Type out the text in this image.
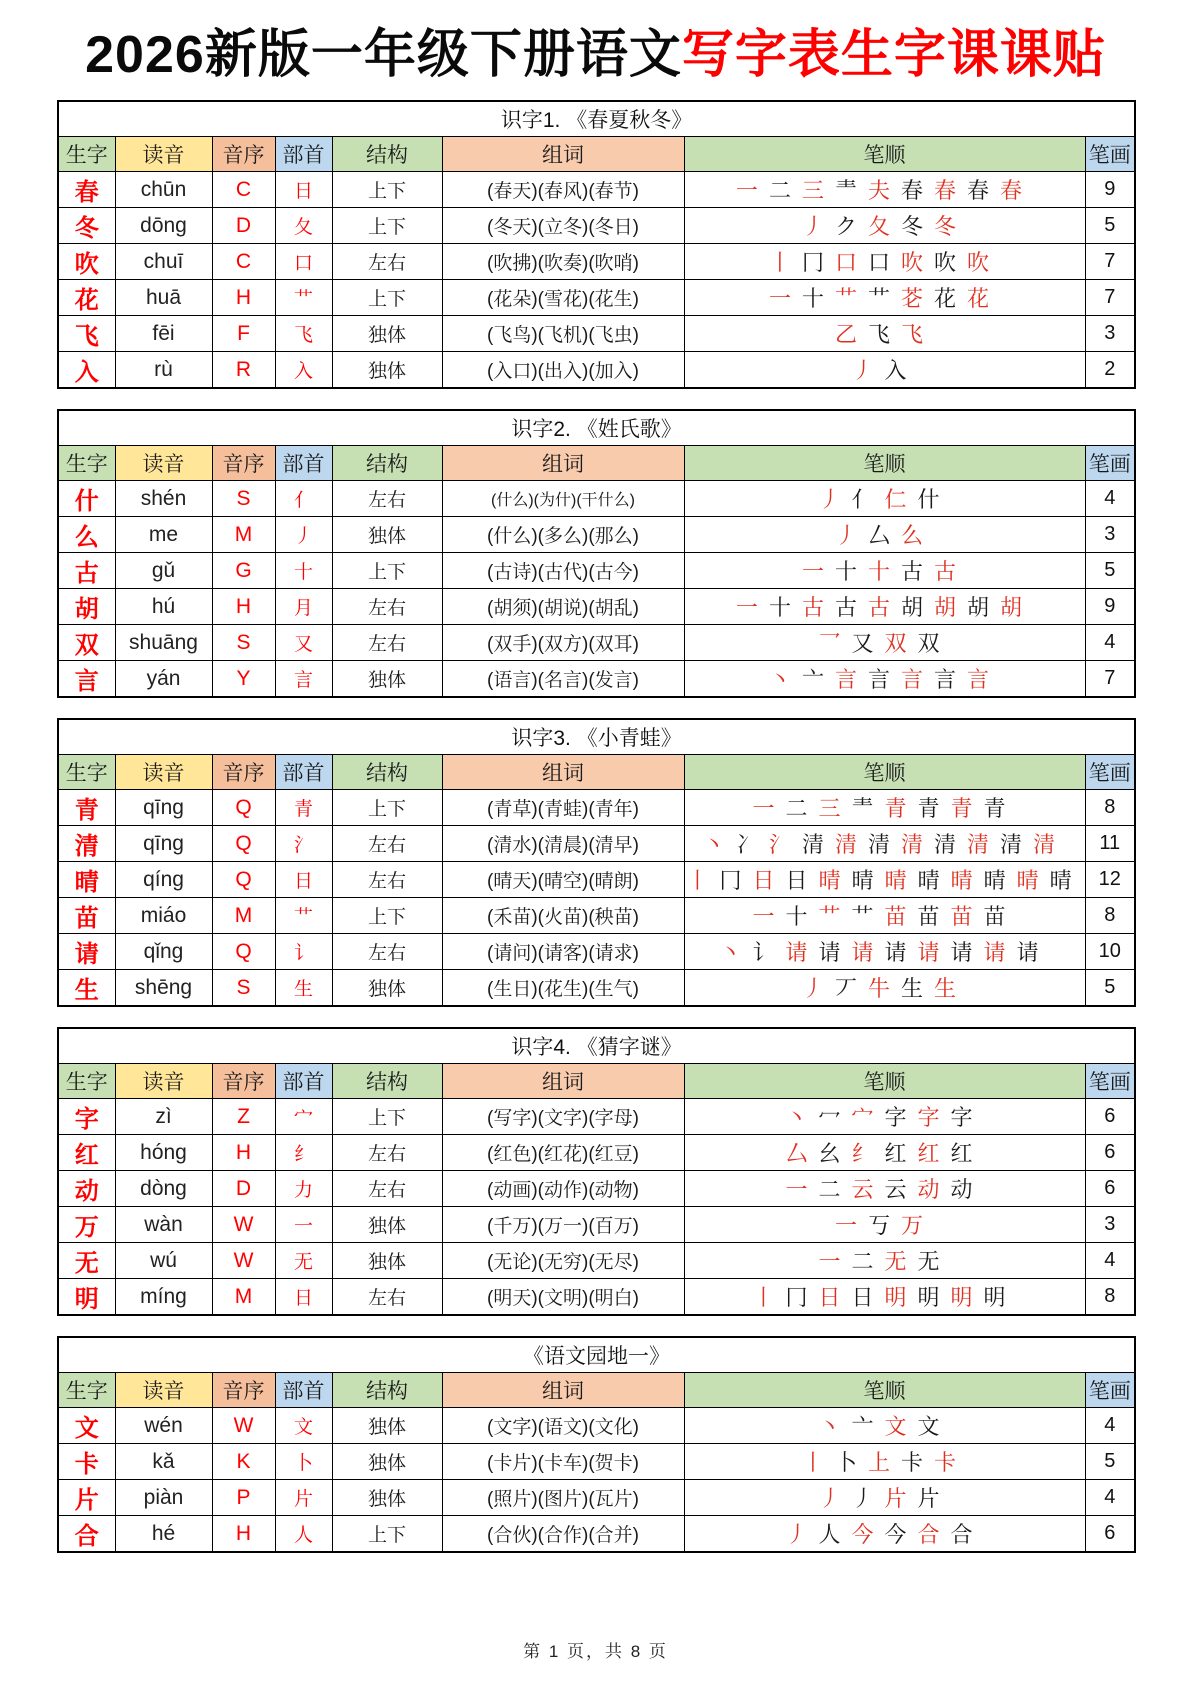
2026新版一年级下册语文写字表生字课课贴
识字1. 《春夏秋冬》							
生字	读音	音序	部首	结构	组词	笔顺	笔画
春	chūn	C	日	上下	(春天)(春风)(春节)	一 二 三 龶 夫 春 春 春 春	9
冬	dōng	D	夂	上下	(冬天)(立冬)(冬日)	丿 ク 夂 冬 冬	5
吹	chuī	C	口	左右	(吹拂)(吹奏)(吹哨)	丨 冂 口 口 吹 吹 吹	7
花	huā	H	艹	上下	(花朵)(雪花)(花生)	一 十 艹 艹 芲 花 花	7
飞	fēi	F	飞	独体	(飞鸟)(飞机)(飞虫)	乙 飞 飞	3
入	rù	R	入	独体	(入口)(出入)(加入)	丿 入	2
识字2. 《姓氏歌》							
生字	读音	音序	部首	结构	组词	笔顺	笔画
什	shén	S	亻	左右	(什么)(为什)(干什么)	丿 亻 仁 什	4
么	me	M	丿	独体	(什么)(多么)(那么)	丿 厶 么	3
古	gǔ	G	十	上下	(古诗)(古代)(古今)	一 十 十 古 古	5
胡	hú	H	月	左右	(胡须)(胡说)(胡乱)	一 十 古 古 古 胡 胡 胡 胡	9
双	shuāng	S	又	左右	(双手)(双方)(双耳)	乛 又 双 双	4
言	yán	Y	言	独体	(语言)(名言)(发言)	丶 亠 言 言 言 言 言	7
识字3. 《小青蛙》							
生字	读音	音序	部首	结构	组词	笔顺	笔画
青	qīng	Q	青	上下	(青草)(青蛙)(青年)	一 二 三 龶 青 青 青 青	8
清	qīng	Q	氵	左右	(清水)(清晨)(清早)	丶 冫 氵 清 清 清 清 清 清 清 清	11
晴	qíng	Q	日	左右	(晴天)(晴空)(晴朗)	丨 冂 日 日 晴 晴 晴 晴 晴 晴 晴 晴	12
苗	miáo	M	艹	上下	(禾苗)(火苗)(秧苗)	一 十 艹 艹 苗 苗 苗 苗	8
请	qǐng	Q	讠	左右	(请问)(请客)(请求)	丶 讠 请 请 请 请 请 请 请 请	10
生	shēng	S	生	独体	(生日)(花生)(生气)	丿 丆 牛 生 生	5
识字4. 《猜字谜》							
生字	读音	音序	部首	结构	组词	笔顺	笔画
字	zì	Z	宀	上下	(写字)(文字)(字母)	丶 冖 宀 字 字 字	6
红	hóng	H	纟	左右	(红色)(红花)(红豆)	厶 幺 纟 红 红 红	6
动	dòng	D	力	左右	(动画)(动作)(动物)	一 二 云 云 动 动	6
万	wàn	W	一	独体	(千万)(万一)(百万)	一 丂 万	3
无	wú	W	无	独体	(无论)(无穷)(无尽)	一 二 无 无	4
明	míng	M	日	左右	(明天)(文明)(明白)	丨 冂 日 日 明 明 明 明	8
《语文园地一》							
生字	读音	音序	部首	结构	组词	笔顺	笔画
文	wén	W	文	独体	(文字)(语文)(文化)	丶 亠 文 文	4
卡	kǎ	K	卜	独体	(卡片)(卡车)(贺卡)	丨 卜 上 卡 卡	5
片	piàn	P	片	独体	(照片)(图片)(瓦片)	丿 丿 片 片	4
合	hé	H	人	上下	(合伙)(合作)(合并)	丿 人 今 今 合 合	6
第 1 页，共 8 页
